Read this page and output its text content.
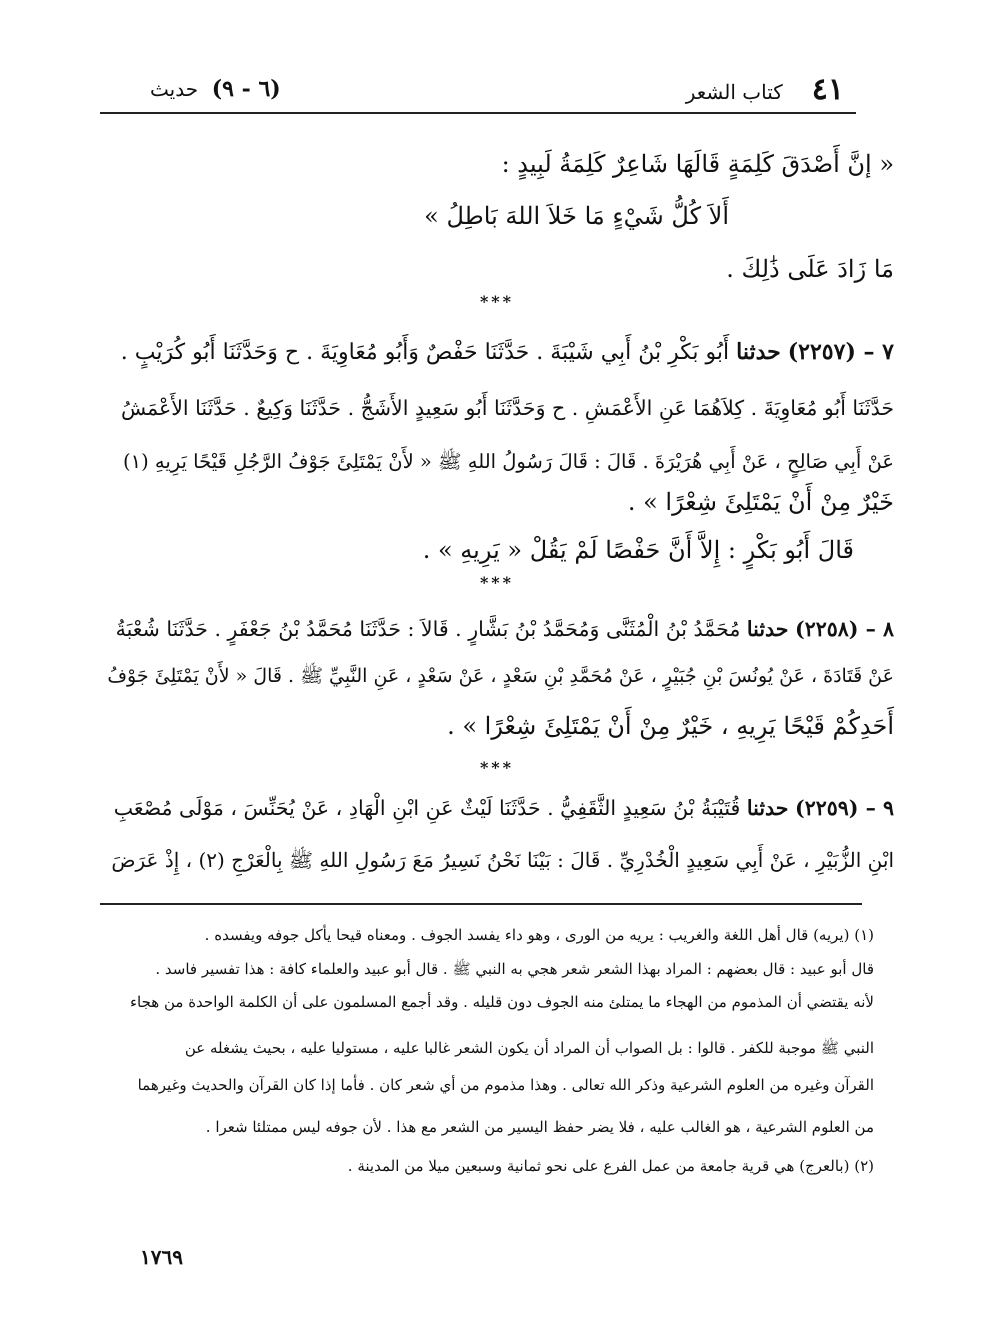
٤١ كتاب الشعر
(٦ - ٩) حديث
« إنَّ أَصْدَقَ كَلِمَةٍ قَالَهَا شَاعِرٌ كَلِمَةُ لَبِيدٍ :
أَلاَ كُلُّ شَيْءٍ مَا خَلاَ اللهَ بَاطِلُ »
مَا زَادَ عَلَى ذَٰلِكَ .
***
٧ – (٢٢٥٧) حدثنا أَبُو بَكْرِ بْنُ أَبِي شَيْبَةَ . حَدَّثَنَا حَفْصٌ وَأَبُو مُعَاوِيَةَ . ح وَحَدَّثَنَا أَبُو كُرَيْبٍ .
حَدَّثَنَا أَبُو مُعَاوِيَةَ . كِلاَهُمَا عَنِ الأَعْمَشِ . ح وَحَدَّثَنَا أَبُو سَعِيدٍ الأَشَجُّ . حَدَّثَنَا وَكِيعٌ . حَدَّثَنَا الأَعْمَشُ
عَنْ أَبِي صَالِحٍ ، عَنْ أَبِي هُرَيْرَةَ . قَالَ : قَالَ رَسُولُ اللهِ ﷺ « لأَنْ يَمْتَلِئَ جَوْفُ الرَّجُلِ قَيْحًا يَرِيهِ (١)
خَيْرٌ مِنْ أَنْ يَمْتَلِئَ شِعْرًا » .
قَالَ أَبُو بَكْرٍ : إِلاَّ أَنَّ حَفْصًا لَمْ يَقُلْ « يَرِيهِ » .
***
٨ – (٢٢٥٨) حدثنا مُحَمَّدُ بْنُ الْمُثَنَّى وَمُحَمَّدُ بْنُ بَشَّارٍ . قَالاَ : حَدَّثَنَا مُحَمَّدُ بْنُ جَعْفَرٍ . حَدَّثَنَا شُعْبَةُ
عَنْ قَتَادَةَ ، عَنْ يُونُسَ بْنِ جُبَيْرٍ ، عَنْ مُحَمَّدِ بْنِ سَعْدٍ ، عَنْ سَعْدٍ ، عَنِ النَّبِيِّ ﷺ . قَالَ « لأَنْ يَمْتَلِئَ جَوْفُ
أَحَدِكُمْ قَيْحًا يَرِيهِ ، خَيْرٌ مِنْ أَنْ يَمْتَلِئَ شِعْرًا » .
***
٩ – (٢٢٥٩) حدثنا قُتَيْبَةُ بْنُ سَعِيدٍ الثَّقَفِيُّ . حَدَّثَنَا لَيْثٌ عَنِ ابْنِ الْهَادِ ، عَنْ يُحَنِّسَ ، مَوْلَى مُصْعَبِ
ابْنِ الزُّبَيْرِ ، عَنْ أَبِي سَعِيدٍ الْخُدْرِيِّ . قَالَ : بَيْنَا نَحْنُ نَسِيرُ مَعَ رَسُولِ اللهِ ﷺ بِالْعَرْجِ (٢) ، إِذْ عَرَضَ
(١) (يريه) قال أهل اللغة والغريب : يريه من الورى ، وهو داء يفسد الجوف . ومعناه قيحا يأكل جوفه ويفسده .
قال أبو عبيد : قال بعضهم : المراد بهذا الشعر شعر هجي به النبي ﷺ . قال أبو عبيد والعلماء كافة : هذا تفسير فاسد .
لأنه يقتضي أن المذموم من الهجاء ما يمتلئ منه الجوف دون قليله . وقد أجمع المسلمون على أن الكلمة الواحدة من هجاء
النبي ﷺ موجبة للكفر . قالوا : بل الصواب أن المراد أن يكون الشعر غالبا عليه ، مستوليا عليه ، بحيث يشغله عن
القرآن وغيره من العلوم الشرعية وذكر الله تعالى . وهذا مذموم من أي شعر كان . فأما إذا كان القرآن والحديث وغيرهما
من العلوم الشرعية ، هو الغالب عليه ، فلا يضر حفظ اليسير من الشعر مع هذا . لأن جوفه ليس ممتلئا شعرا .
(٢) (بالعرج) هي قرية جامعة من عمل الفرع على نحو ثمانية وسبعين ميلا من المدينة .
١٧٦٩
